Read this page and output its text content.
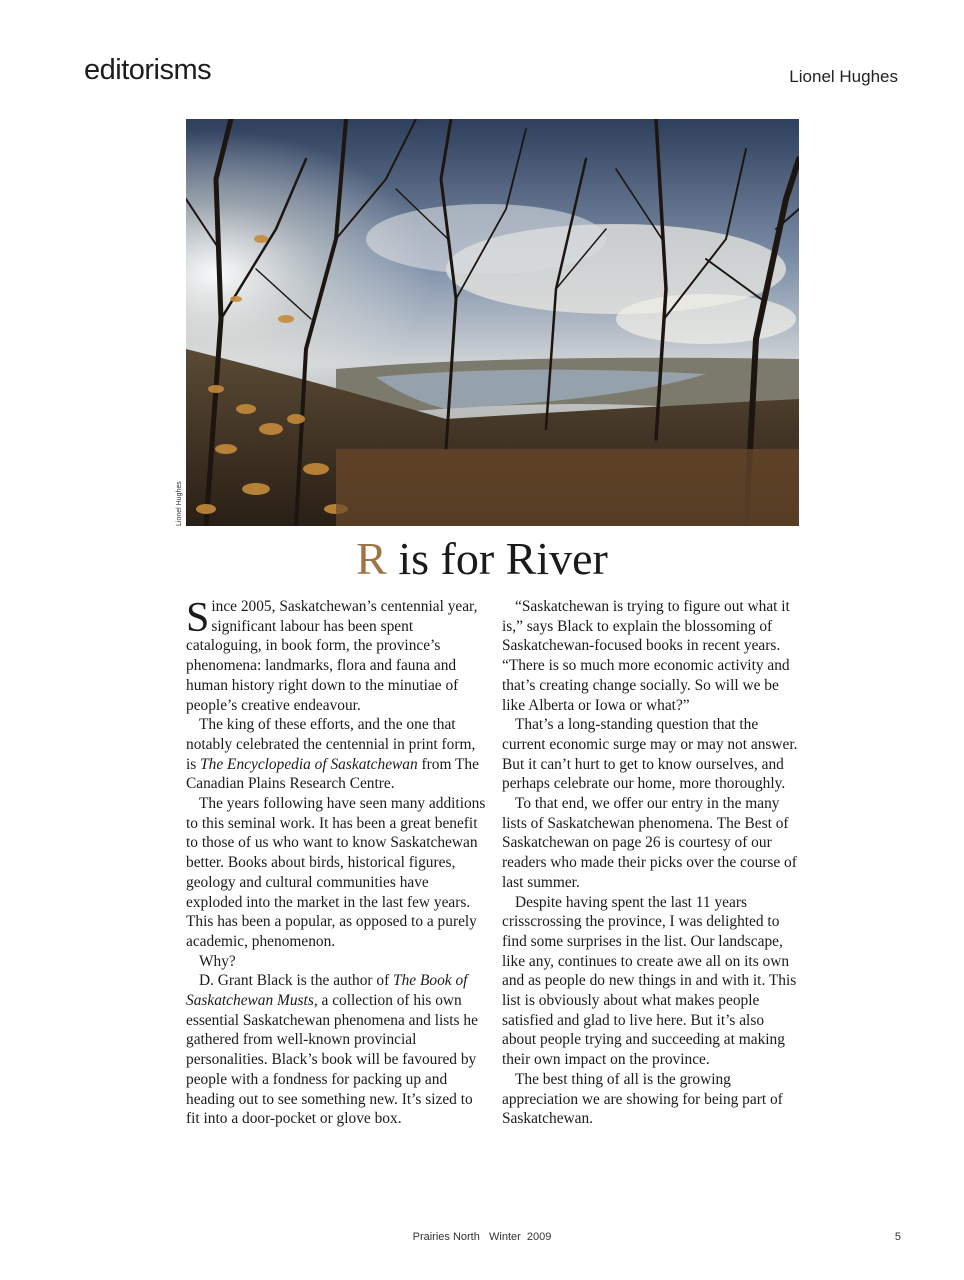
editorisms	Lionel Hughes
Lionel Hughes
R is for River

Since 2005, Saskatchewan’s centennial year, significant labour has been spent cataloguing, in book form, the province’s phenomena: landmarks, flora and fauna and human history right down to the minutiae of people’s creative endeavour.

The king of these efforts, and the one that notably celebrated the centennial in print form, is The Encyclopedia of Saskatchewan from The Canadian Plains Research Centre.

The years following have seen many additions to this seminal work. It has been a great benefit to those of us who want to know Saskatchewan better. Books about birds, historical figures, geology and cultural communities have exploded into the market in the last few years. This has been a popular, as opposed to a purely academic, phenomenon.

Why?

D. Grant Black is the author of The Book of Saskatchewan Musts, a collection of his own essential Saskatchewan phenomena and lists he gathered from well-known provincial personalities. Black’s book will be favoured by people with a fondness for packing up and heading out to see something new. It’s sized to fit into a door-pocket or glove box.

“Saskatchewan is trying to figure out what it is,” says Black to explain the blossoming of Saskatchewan-focused books in recent years. “There is so much more economic activity and that’s creating change socially. So will we be like Alberta or Iowa or what?”

That’s a long-standing question that the current economic surge may or may not answer. But it can’t hurt to get to know ourselves, and perhaps celebrate our home, more thoroughly.

To that end, we offer our entry in the many lists of Saskatchewan phenomena. The Best of Saskatchewan on page 26 is courtesy of our readers who made their picks over the course of last summer.

Despite having spent the last 11 years crisscrossing the province, I was delighted to find some surprises in the list. Our landscape, like any, continues to create awe all on its own and as people do new things in and with it. This list is obviously about what makes people satisfied and glad to live here. But it’s also about people trying and succeeding at making their own impact on the province.

The best thing of all is the growing appreciation we are showing for being part of Saskatchewan.

Prairies North   Winter  2009	5
